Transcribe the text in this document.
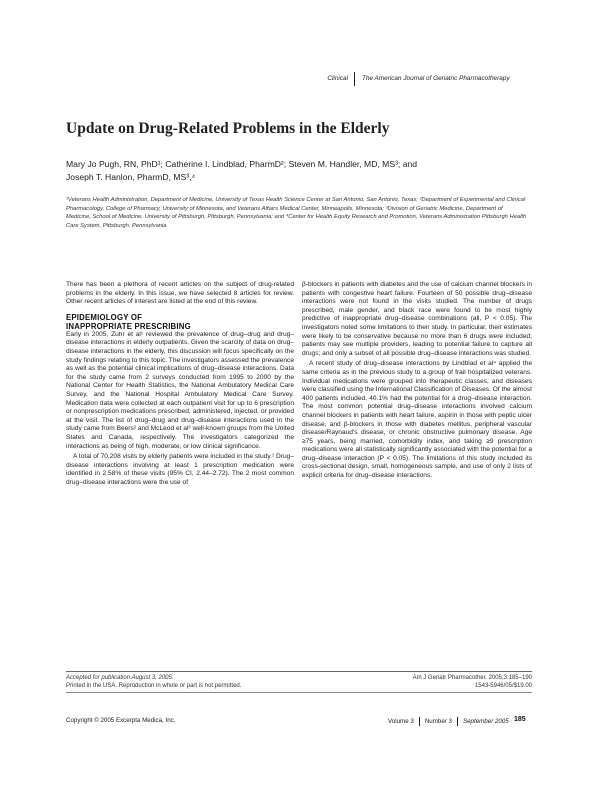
Clinical The American Journal of Geriatric Pharmacotherapy
Update on Drug-Related Problems in the Elderly
Mary Jo Pugh, RN, PhD¹; Catherine I. Lindblad, PharmD²; Steven M. Handler, MD, MS³; and
Joseph T. Hanlon, PharmD, MS³,⁴
¹Veterans Health Administration, Department of Medicine, University of Texas Health Science Center at San Antonio, San Antonio, Texas; ²Department of Experimental and Clinical Pharmacology, College of Pharmacy, University of Minnesota, and Veterans Affairs Medical Center, Minneapolis, Minnesota; ³Division of Geriatric Medicine, Department of Medicine, School of Medicine, University of Pittsburgh, Pittsburgh, Pennsylvania; and ⁴Center for Health Equity Research and Promotion, Veterans Administration Pittsburgh Health Care System, Pittsburgh, Pennsylvania

There has been a plethora of recent articles on the subject of drug-related problems in the elderly. In this issue, we have selected 8 articles for review. Other recent articles of interest are listed at the end of this review.

EPIDEMIOLOGY OF
INAPPROPRIATE PRESCRIBING

Early in 2005, Zuhr et al¹ reviewed the prevalence of drug–drug and drug–disease interactions in elderly outpatients. Given the scarcity of data on drug–disease interactions in the elderly, this discussion will focus specifically on the study findings relating to this topic. The investigators assessed the prevalence as well as the potential clinical implications of drug–disease interactions. Data for the study came from 2 surveys conducted from 1995 to 2000 by the National Center for Health Statistics, the National Ambulatory Medical Care Survey, and the National Hospital Ambulatory Medical Care Survey. Medication data were collected at each outpatient visit for up to 6 prescription or nonprescription medications prescribed, administered, injected, or provided at the visit. The list of drug–drug and drug–disease interactions used in the study came from Beers² and McLeod et al³ well-known groups from the United States and Canada, respectively. The investigators categorized the interactions as being of high, moderate, or low clinical significance.

A total of 70,208 visits by elderly patients were included in the study.¹ Drug–disease interactions involving at least 1 prescription medication were identified in 2.58% of these visits (95% CI, 2.44–2.72). The 2 most common drug–disease interactions were the use of

β-blockers in patients with diabetes and the use of calcium channel blockers in patients with congestive heart failure. Fourteen of 50 possible drug–disease interactions were not found in the visits studied. The number of drugs prescribed, male gender, and black race were found to be most highly predictive of inappropriate drug–disease combinations (all, P < 0.05). The investigators noted some limitations to their study. In particular, their estimates were likely to be conservative because no more than 6 drugs were included; patients may see multiple providers, leading to potential failure to capture all drugs; and only a subset of all possible drug–disease interactions was studied.

A recent study of drug–disease interactions by Lindblad et al⁴ applied the same criteria as in the previous study to a group of frail hospitalized veterans. Individual medications were grouped into therapeutic classes, and diseases were classified using the International Classification of Diseases. Of the almost 400 patients included, 40.1% had the potential for a drug–disease interaction. The most common potential drug–disease interactions involved calcium channel blockers in patients with heart failure, aspirin in those with peptic ulcer disease, and β-blockers in those with diabetes mellitus, peripheral vascular disease/Raynaud's disease, or chronic obstructive pulmonary disease. Age ≥75 years, being married, comorbidity index, and taking ≥9 prescription medications were all statistically significantly associated with the potential for a drug–disease interaction (P < 0.05). The limitations of this study included its cross-sectional design, small, homogeneous sample, and use of only 2 lists of explicit criteria for drug–disease interactions.

Accepted for publication August 3, 2005.
Printed in the USA. Reproduction in whole or part is not permitted.
Am J Geriatr Pharmacother. 2005;3:185–190
1543-5946/05/$19.00
Copyright © 2005 Excerpta Medica, Inc.	Volume 3 Number 3 September 2005 185
